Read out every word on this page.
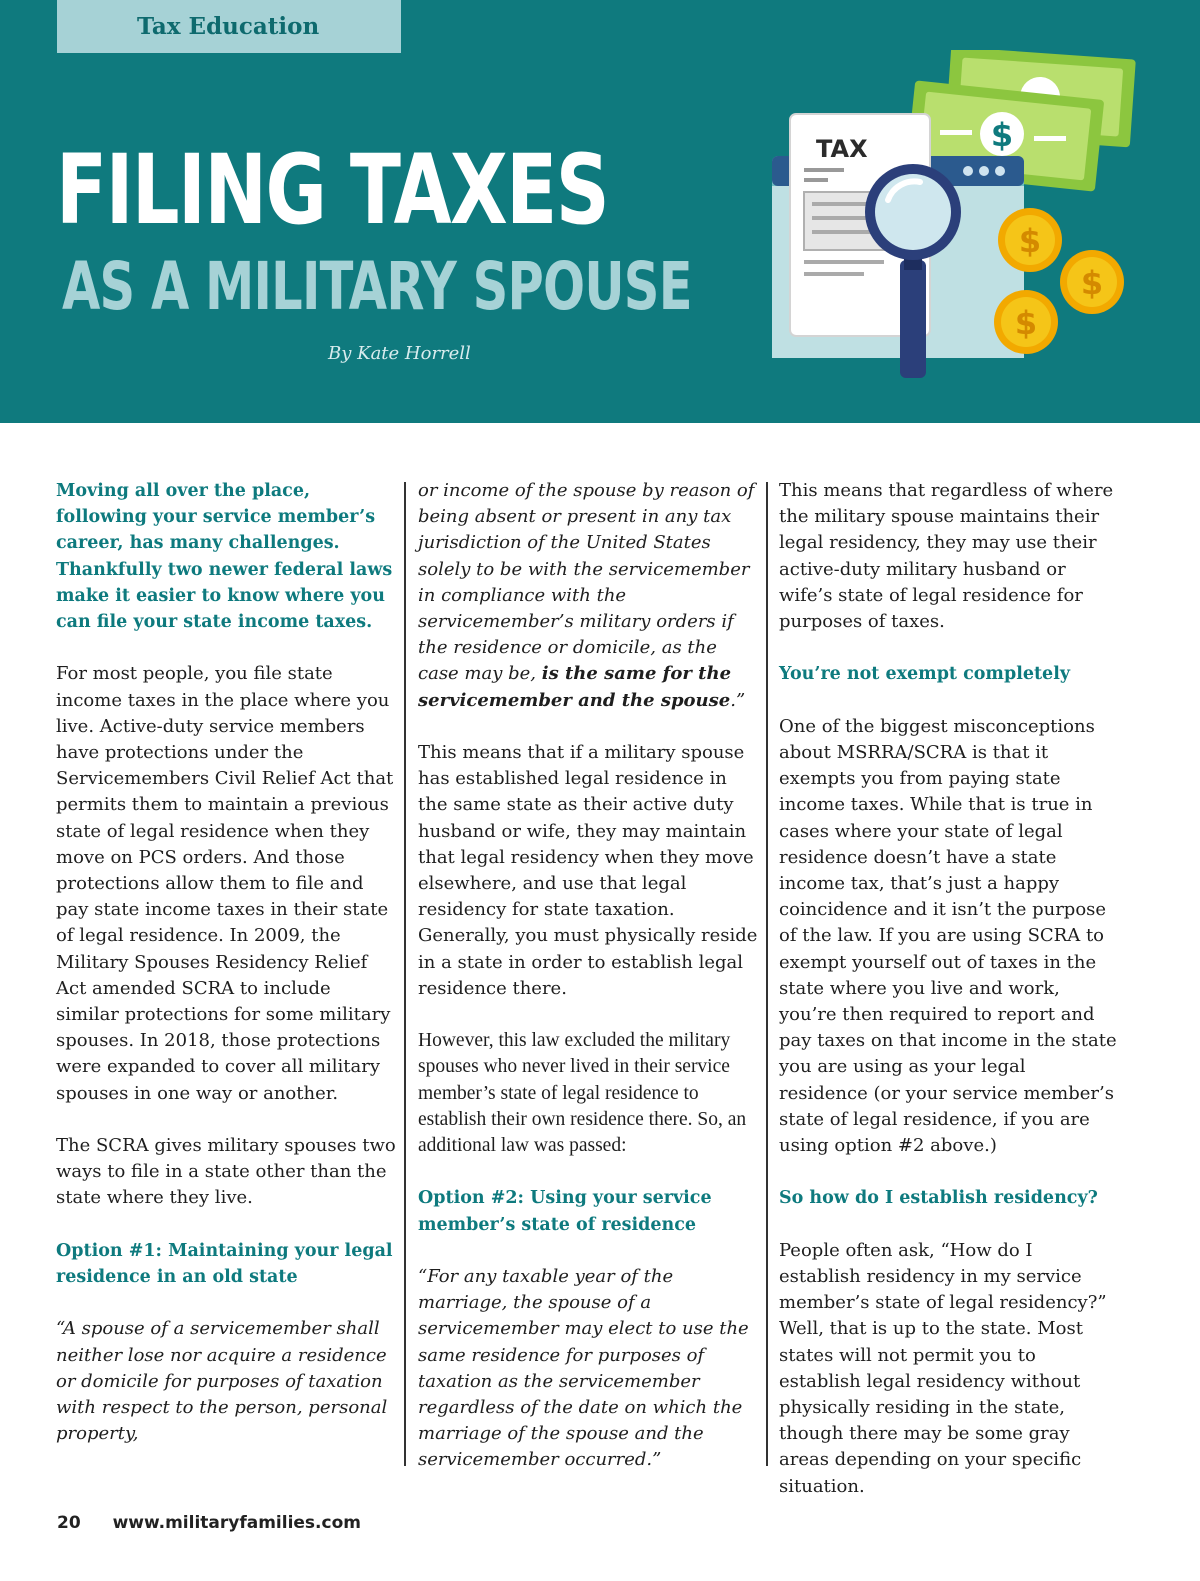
Tax Education
FILING TAXES
AS A MILITARY SPOUSE
By Kate Horrell
$
TAX
$
$
$

Moving all over the place, following your service member’s career, has many challenges. Thankfully two newer federal laws make it easier to know where you can file your state income taxes.

For most people, you file state income taxes in the place where you live. Active-duty service members have protections under the Servicemembers Civil Relief Act that permits them to maintain a previous state of legal residence when they move on PCS orders. And those protections allow them to file and pay state income taxes in their state of legal residence. In 2009, the Military Spouses Residency Relief Act amended SCRA to include similar protections for some military spouses. In 2018, those protections were expanded to cover all military spouses in one way or another.

The SCRA gives military spouses two ways to file in a state other than the state where they live.

Option #1: Maintaining your legal residence in an old state

“A spouse of a servicemember shall neither lose nor acquire a residence or domicile for purposes of taxation with respect to the person, personal property,

or income of the spouse by reason of being absent or present in any tax jurisdiction of the United States solely to be with the servicemember in compliance with the servicemember’s military orders if the residence or domicile, as the case may be, is the same for the servicemember and the spouse.”

This means that if a military spouse has established legal residence in the same state as their active duty husband or wife, they may maintain that legal residency when they move elsewhere, and use that legal residency for state taxation. Generally, you must physically reside in a state in order to establish legal residence there.

However, this law excluded the military spouses who never lived in their service member’s state of legal residence to establish their own residence there. So, an additional law was passed:

Option #2: Using your service member’s state of residence

“For any taxable year of the marriage, the spouse of a servicemember may elect to use the same residence for purposes of taxation as the servicemember regardless of the date on which the marriage of the spouse and the servicemember occurred.”

This means that regardless of where the military spouse maintains their legal residency, they may use their active-duty military husband or wife’s state of legal residence for purposes of taxes.

You’re not exempt completely

One of the biggest misconceptions about MSRRA/SCRA is that it exempts you from paying state income taxes. While that is true in cases where your state of legal residence doesn’t have a state income tax, that’s just a happy coincidence and it isn’t the purpose of the law. If you are using SCRA to exempt yourself out of taxes in the state where you live and work, you’re then required to report and pay taxes on that income in the state you are using as your legal residence (or your service member’s state of legal residence, if you are using option #2 above.)

So how do I establish residency?

People often ask, “How do I establish residency in my service member’s state of legal residency?” Well, that is up to the state. Most states will not permit you to establish legal residency without physically residing in the state, though there may be some gray areas depending on your specific situation.

20 www.militaryfamilies.com
